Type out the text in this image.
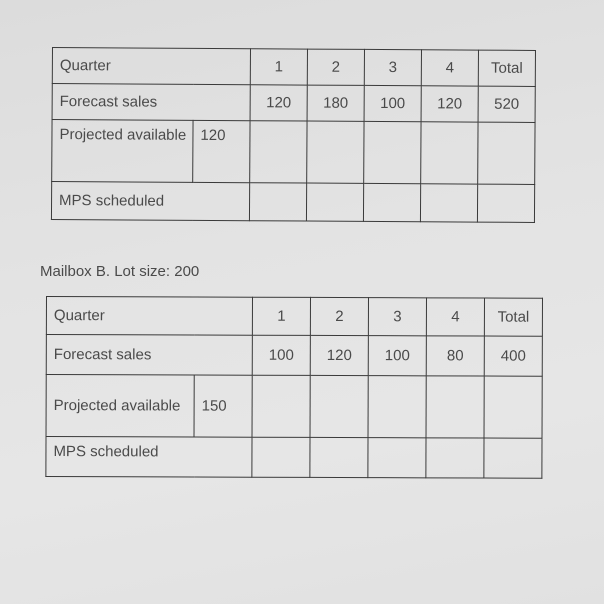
Quarter		1	2	3	4	Total
Forecast sales		120	180	100	120	520
Projected available	120					
MPS scheduled						
Mailbox B. Lot size: 200
Quarter		1	2	3	4	Total
Forecast sales		100	120	100	80	400
Projected available	150					
MPS scheduled						
